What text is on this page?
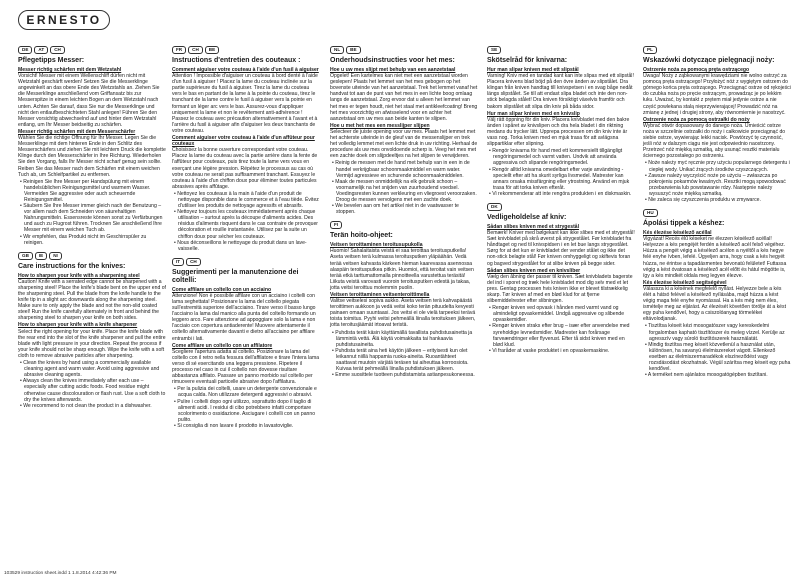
ERNESTO
DE	AT	CH
Pflegetipps Messer:
Messer richtig schärfen mit dem Wetzstahl
Vorsicht! Messer mit einem Wellenschliff dürfen nicht mit Wetzstahl geschärft werden! Setzen Sie die Messerklinge angewinkelt an das obere Ende des Wetzstahls an. Ziehen Sie die Messerklinge anschließend vom Griffansatz bis zur Messerspitze in einem leichten Bogen an dem Wetzstahl nach unten. Achten Sie darauf, dass Sie nur die Messerklinge und nicht den entlaufbeschichteten Stahl anlegen! Führen Sie den Messer vorsichtig abwechselnd auf und hinter dem Wetzstahl entlang, um Ihr Messer beidseitig zu schärfen.
Messer richtig schärfen mit dem Messerschärfer
Wählen Sie die richtige Öffnung für Ihr Messer. Legen Sie die Messerklinge mit dem hinteren Ende in den Schlitz des Messerschärfers und ziehen Sie mit leichtem Druck die komplette Klinge durch den Messerschärfer in Ihre Richtung. Wiederholen Sie den Vorgang, falls Ihr Messer nicht scharf genug sein sollte. Reiben Sie das Messer nach dem Schärfen mit einem weichen Tuch ab, um Schleifpartikel zu entfernen.
• Reinigen Sie Ihre Messer per Handspülung mit einem handelsüblichen Reinigungsmittel und warmem Wasser. Vermeiden Sie aggressive oder auch scheuernde Reinigungsmittel.
• Säubern Sie Ihre Messer immer gleich nach der Benutzung – vor allem nach dem Schneiden von säurehaltigen Nahrungsmitteln. Essensreste können sonst zu Verfärbungen und auch zu Flugrost führen. Trocknen Sie anschließend Ihre Messer mit einem weichen Tuch ab.
• Wir empfehlen, das Produkt nicht im Geschirrspüler zu reinigen.
GB	IE	NI
Care instructions for the knives:
How to sharpen your knife with a sharpening steel
Caution! Knife with a serrated edge cannot be sharpened with a sharpening steel! Place the knife's blade bent on the upper end of the sharpening steel. Pull the blade from the knife handle to the knife tip in a slight arc downwards along the sharpening steel. Make sure to only apply the blade and not the non-slid coated steel! Run the knife carefully alternately in front and behind the sharpening steel to sharpen your knife on both sides.
How to sharpen your knife with a knife sharpener
Select the right opening for your knife. Place the knife blade with the rear end into the slot of the knife sharpener and pull the entire blade with light pressure in your direction. Repeat the process if your knife should not be sharp enough. Wipe the knife with a soft cloth to remove abrasive particles after sharpening.
• Clean the knives by hand using a commercially available cleaning agent and warm water. Avoid using aggressive and abrasive cleaning agents.
• Always clean the knives immediately after each use – especially after cutting acidic foods. Food residue might otherwise cause discolouration or flash rust. Use a soft cloth to dry the knives afterwards.
• We recommend to not clean the product in a dishwasher.
FR	CH	BE
Instructions d'entretien des couteaux :
Comment aiguiser votre couteau à l'aide d'un fusil à aiguiser
Attention ! Impossible d'aiguiser un couteau à bord denté à l'aide d'un fusil à aiguiser ! Placez la lame du couteau inclinée sur la partie supérieure du fusil à aiguiser. Tirez la lame du couteau vers le bas en partant de la lame à la pointe du couteau, tirez le tranchant de la lame contre le fusil à aiguiser vers la pointe en formant un léger arc vers le bas. Assurez-vous d'appliquer uniquement la lame et non le revêtement anti-adhérence ! Passez le couteau avec précaution alternativement à l'avant et à l'arrière du fusil à aiguiser afin d'aiguiser les deux tranchants de votre couteau.
Comment aiguiser votre couteau à l'aide d'un affûteur pour couteaux
Choisissez la bonne ouverture correspondant votre couteau. Placez la lame du couteau avec la partie arrière dans la fente de l'affûteur pour couteaux, puis tirez toute la lame vers vous en exerçant une légère pression. Répétez le processus au cas où votre couteau ne serait pas suffisamment tranchant. Essuyez le couteau à l'aide d'un chiffon doux pour éliminer toutes particules abrasives après affûtage.
• Nettoyez les couteaux à la main à l'aide d'un produit de nettoyage disponible dans le commerce et à l'eau tiède. Évitez d'utiliser les produits de nettoyage agressifs et abrasifs.
• Nettoyez toujours les couteaux immédiatement après chaque utilisation – surtout après la découpe d'aliments acides. Des résidus d'aliments risquent dans le cas contraire de provoquer décoloration et rouille instantanée. Utilisez par la suite un chiffon doux pour sécher les couteaux.
• Nous déconseillons le nettoyage du produit dans un lave-vaisselle.
IT	CH
Suggerimenti per la manutenzione dei coltelli:
Come affilare un coltello con un acciaino
Attenzione! Non è possibile affilare con un acciaino i coltelli con lama seghettata! Posizionare la lama del coltello piegata sull'estremità superiore dell'acciaino. Tirare verso il basso lungo l'acciaino la lama dal manico alla punta del coltello formando un leggero arco. Fare attenzione ad appoggiare solo la lama e non l'acciaio con copertura antiaderente! Muovere attentamente il coltello alternativamente davanti e dietro all'acciaino per affilare entrambi i lati.
Come affilare un coltello con un affilatore
Scegliere l'apertura adatta al coltello. Posizionare la lama del coltello con il retro nella fessura dell'affilatore e tirare l'intera lama verso di sé esercitando una leggera pressione. Ripetere il processo nel caso in cui il coltello non dovesse risultare abbastanza affilato. Passare un panno morbido sul coltello per rimuovere eventuali particelle abrasive dopo l'affilatura.
• Per la pulizia dei coltelli, usare un detergente convenzionale e acqua calda. Non utilizzare detergenti aggressivi o abrasivi.
• Pulire i coltelli dopo ogni utilizzo, soprattutto dopo il taglio di alimenti acidi. I residui di cibo potrebbero infatti comportare scolorimento o ossidazione. Asciugare i coltelli con un panno pulito.
• Si consiglia di non lavare il prodotto in lavastoviglie.
NL	BE
Onderhoudsinstructies voor het mes:
Hoe u uw mes slijpt met behulp van een aanzetstaal
Opgelet! Een kartelmes kan niet met een aanzetstaal worden geslepen! Plaats het lemmet van het mes gebogen op het bovenste uiteinde van het aanzetstaal. Trek het lemmet vanaf het handvat tot aan de punt van het mes in een lichte boog omlaag langs de aanzetstaal. Zorg ervoor dat u alleen het lemmet van het mes er tegen houdt, niet het staal met antikleefcoating! Breng het mes voorzichtig en afwisselend voor en achter het aanzetstaal om uw mes aan beide kanten te slijpen.
Hoe u met het mes een messlijper slijpen
Selecteer de juiste opening voor uw mes. Plaats het lemmet met het achterste uiteinde in de gleuf van de messenslijper en trek het volledig lemmet met een lichte druk in uw richting. Herhaal de procedure als uw mes onvoldoende scherp is. Veeg het mes met een zachte doek om slijpdeeltjes na het slijpen te verwijderen.
• Reinig de messen met de hand met behulp van in een in de handel verkrijgbaar schoonmaakmiddel en warm water. Vermijd agressieve en schurende schoonmaakmiddelen.
• Maak de messen onmiddellijk na elk gebruik schoon – voornamelijk na het snijden van zuurhoudend voedsel. Voedingsresten kunnen verkleuring en vliegroest veroorzaken. Droog de messen vervolgens met een zachte doek.
• We bevelen aan om het artikel niet in de vaatwasser te stoppen.
FI
Terän hoito-ohjeet:
Veitsen teroittaminen teroitusupukolla
Huomio! Sahalaitaista veistä ei saa teroittaa teroitusputkella! Aseta veitsen terä kulmassa teroitusputken yläpäähän. Vedä terää veitsen kahvasta kärkeen hieman kaarevassa asennossa alaspäin teroitusputkea pitkin. Huomioi, että teroitat vain veitsen terää etkä tarttumattomalla pinnoitteella varustettua teräsitä! Liikuta veistä varovasti vuoroin teroitusputken edestä ja takaa, jotta veitsi teroittuu molemmin puolin.
Veitsen teroittaminen veitsenteroittimella
Valitse veitselesi sopiva aukko. Aseta veitsen terä kahvapäästä teroittimen aukkoon ja vedä veitsi koko terän pituudelta kevyesti painaen omaan suuntaasi. Jos veitsi ei ole vielä tarpeeksi terävä toista toimitus. Pyyhi veitsi pehmeällä liinalla teroituksen jälkeen, jotta teroitusjäämät irtoavat teristä.
• Puhdista terät käsin käyttämällä tavallista puhdistusainetta ja lämmintä vettä. Älä käytä voimakkaita tai hankaavia puhdistusaineita.
• Puhdista terät aina heti käytön jälkeen – erityisesti kun olet leikannut niillä happamia ruoka-aineita. Ruoantähteet saattavat muutoin värjätä teräsen tai aiheuttaa korroosiota. Kuivaa terät pehmeällä liinalla puhdistuksen jälkeen.
• Emme suosittele tuotteen puhdistamista astianpesukoneessa.
SE
Skötselråd för knivarna:
Hur man slipar kniven med ett slipstål
Varning! Kniv med en tandad kant kan inte slipas med ett slipstål! Placera knivens blad böjd på den övre änden av slipstålet. Dra klingan från kniven handtag till knivspetsen i en svag båge nedåt längs slipstålet. Se till att endast slipa bladet och inte den non-stick belagda stålet! Dra kniven försiktigt växelvis framför och bakom slipstålet att slipa din kniv på båda sidor.
Hur man slipar kniven med en knivslip
Välj rätt öppning för din kniv. Placera knivbladet med den bakre änden i spåret av knivslipen och dra hela bladet i din riktning medans du trycker lätt. Upprepa processen om din kniv inte är vass nog. Torka kniven med en mjuk trasa för att avlägsna slippartiklar efter slipning.
• Rengör knivarna för hand med ett kommersiellt tillgängligt rengöringsmedel och varmt vatten. Undvik att använda aggressiva och slipande rengöringsmedel.
• Rengör alltid knivarna omedelbart efter varje användning - speciellt efter att ha skurit syrliga livsmedel. Matrester kan annars orsaka missfärgning eller ytrostning. Använd en mjuk trasa för att torka kniven efteråt.
• Vi rekommenderar att inte rengöra produkten i en diskmaskin.
DK
Vedligeholdelse af kniv:
Sådan slibes kniven med et strygestål
Bemærk! Kniver med bølgekant kan ikke slibes med et strygestål! Sæt knivbladet på skrå øverst på strygestålet. Før knivbladet fra håndtaget og ned til knivspidsen i en let bue langs strygestålet. Sørg for at det kun er knivbladet der vender stålet og ikke det non-stick belagte stål! Før kniven omhyggeligt og skiftevis foran og bagved strygestålet for at slibe kniven på begge sider.
Sådan slibes kniven med en knivsliber
Vælg den åbning der passer til kniven. Sæt knivbladets bagerste del ind i sporet og træk hele knivbladet mod dig selv med et let pres. Gentag processen hvis kniven ikke er blevet tilstrækkelig skarp. Tør kniven af med en blød klud for at fjerne slibemiddelrester efter slibningen.
• Rengør kniven ved opvask i hånden med varmt vand og almindeligt opvaskemiddel. Undgå aggressive og slibende opvaskemidler.
• Rengør kniven straks efter brug – især efter anvendelse med syreholdige levnedsmidler. Madrester kan forårsage farveændringer eller flyverust. Efter tå sidst kniven med en blød klud.
• Vi fraråder at vaske produktet i en opvaskemaskine.
PL
Wskazówki dotyczące pielęgnacji noży:
Ostrzenie noża za pomocą pręta ostrzącego
Uwaga! Noży z ząbkowanymi krawędziami nie wolno ostrzyć za pomocą pręta ostrzącego! Przyłożyć nóż z wygiętym ostrzem do górnego końca pręta ostrzącego. Przeciągnąć ostrze od rękojeści do czubka noża po pręcie ostrzącym, prowadząc je po lekkim łuku. Uważać, by kontakt z prętem miał jedynie ostrze a nie część powlekana stalą nieprzywierającej! Prowadzić nóż na zmianę z jednej i drugiej strony, aby równomiernie je naostrzyć.
Ostrzenie noża za pomocą ostrzałki do noży
Wybrać otwór dopasowany do danego noża. Umieścić ostrze noża w szczelinie ostrzałki do noży i całkowicie przeciągnąć do siebie ostrze, wywierając lekki nacisk. Powtórzyć tę czynność, jeśli nóż w dalszym ciągu nie jest odpowiednio naostrzony. Przetrzeć nóż miękką szmatką, aby usunąć resztki materiału ściernego pozostałego po ostrzeniu.
• Noże należy myć ręcznie przy użyciu popularnego detergentu i ciepłej wody. Unikać żrących środków czyszczących.
• Zawsze należy wyczyścić noże po użyciu – zwłaszcza po pokrojeniu pokarmów kwaśnych. Resztki mogą spowodować przebarwienia lub powstawanie rdzy. Następnie należy wysuszyć noże miękką szmatką.
• Nie zaleca się czyszczenia produktu w zmywarce.
HU
Ápolási tippek a késhez:
Kés élezése késélező acéllal
Vigyázat! Recés élű késeket ne élezzen késélező acéllal! Helyezze a kés pengéjét ferdén a késélező acél felső végéhez. Húzza a pengét végig a késélező acélon a nyéltől a kés hegye felé enyhe ívben, lefelé. Ügyeljen arra, hogy csak a kés hegyét húzza, ne érintse a tapadásmentes bevonatú felületet! Futtassa végig a kést óvatosan a késélező acél előtt és hátul mögötte is, így a kés mindkét oldala meg legyen élezve.
Kés élezése késélező segítségével
Válassza ki a késének megfelelő nyílást. Helyezze bele a kés élét a hátsó felével a késélező nyílásába, majd húzza a kést végig maga felé enyhe nyomással. Ha a kés még nem éles, ismételje meg az eljárást. Az élezését követően törölje át a kést egy puha kendővel, hogy a csiszolóanyag törmelékei eltávolodjanak.
• Tisztítsa késeit kézi mosogatószer vagy kereskedelmi forgalomban kapható tisztítószer és meleg vízzel. Kerülje az agresszív vagy súroló tisztítószerek használatát.
• Mindig tisztítsa meg késeit közvetlenül a használat után, különösen, ha savanyú élelmiszereket vágott. Ellenkező esetben az élelmiszermaradékok elszíneződést vagy rozsdásodást okozhatnak. Végül szárítsa meg késeit egy puha kendővel.
• A terméket nem ajánlatos mosogatógépben tisztítani.
103529 instruction sheet.indd 1 1.8.2014 4:42:36 PM
